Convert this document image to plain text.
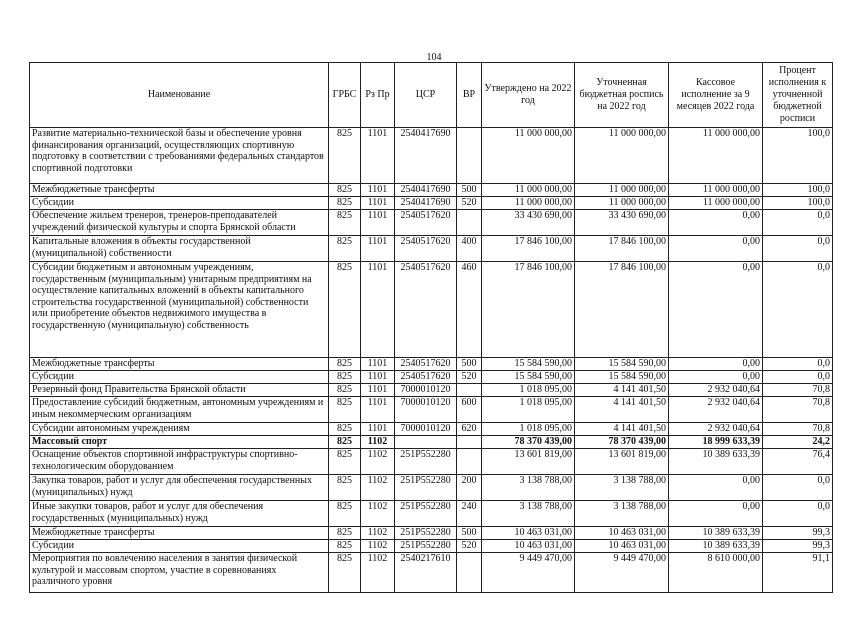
104
Наименование	ГРБС	Рз Пр	ЦСР	ВР	Утверждено на 2022 год	Уточненная бюджетная роспись на 2022 год	Кассовое исполнение за 9 месяцев 2022 года	Процент исполнения к уточненной бюджетной росписи
Развитие материально-технической базы и обеспечение уровня финансирования организаций, осуществляющих спортивную подготовку в соответствии с требованиями федеральных стандартов спортивной подготовки	825	1101	2540417690		11 000 000,00	11 000 000,00	11 000 000,00	100,0
Межбюджетные трансферты	825	1101	2540417690	500	11 000 000,00	11 000 000,00	11 000 000,00	100,0
Субсидии	825	1101	2540417690	520	11 000 000,00	11 000 000,00	11 000 000,00	100,0
Обеспечение жильем тренеров, тренеров-преподавателей учреждений физической культуры и спорта Брянской области	825	1101	2540517620		33 430 690,00	33 430 690,00	0,00	0,0
Капитальные вложения в объекты государственной (муниципальной) собственности	825	1101	2540517620	400	17 846 100,00	17 846 100,00	0,00	0,0
Субсидии бюджетным и автономным учреждениям, государственным (муниципальным) унитарным предприятиям на осуществление капитальных вложений в объекты капитального строительства государственной (муниципальной) собственности или приобретение объектов недвижимого имущества в государственную (муниципальную) собственность	825	1101	2540517620	460	17 846 100,00	17 846 100,00	0,00	0,0
Межбюджетные трансферты	825	1101	2540517620	500	15 584 590,00	15 584 590,00	0,00	0,0
Субсидии	825	1101	2540517620	520	15 584 590,00	15 584 590,00	0,00	0,0
Резервный фонд Правительства Брянской области	825	1101	7000010120		1 018 095,00	4 141 401,50	2 932 040,64	70,8
Предоставление субсидий бюджетным, автономным учреждениям и иным некоммерческим организациям	825	1101	7000010120	600	1 018 095,00	4 141 401,50	2 932 040,64	70,8
Субсидии автономным учреждениям	825	1101	7000010120	620	1 018 095,00	4 141 401,50	2 932 040,64	70,8
Массовый спорт	825	1102			78 370 439,00	78 370 439,00	18 999 633,39	24,2
Оснащение объектов спортивной инфраструктуры спортивно-технологическим оборудованием	825	1102	251P552280		13 601 819,00	13 601 819,00	10 389 633,39	76,4
Закупка товаров, работ и услуг для обеспечения государственных (муниципальных) нужд	825	1102	251P552280	200	3 138 788,00	3 138 788,00	0,00	0,0
Иные закупки товаров, работ и услуг для обеспечения государственных (муниципальных) нужд	825	1102	251P552280	240	3 138 788,00	3 138 788,00	0,00	0,0
Межбюджетные трансферты	825	1102	251P552280	500	10 463 031,00	10 463 031,00	10 389 633,39	99,3
Субсидии	825	1102	251P552280	520	10 463 031,00	10 463 031,00	10 389 633,39	99,3
Мероприятия по вовлечению населения в занятия физической культурой и массовым спортом, участие в соревнованиях различного уровня	825	1102	2540217610		9 449 470,00	9 449 470,00	8 610 000,00	91,1
